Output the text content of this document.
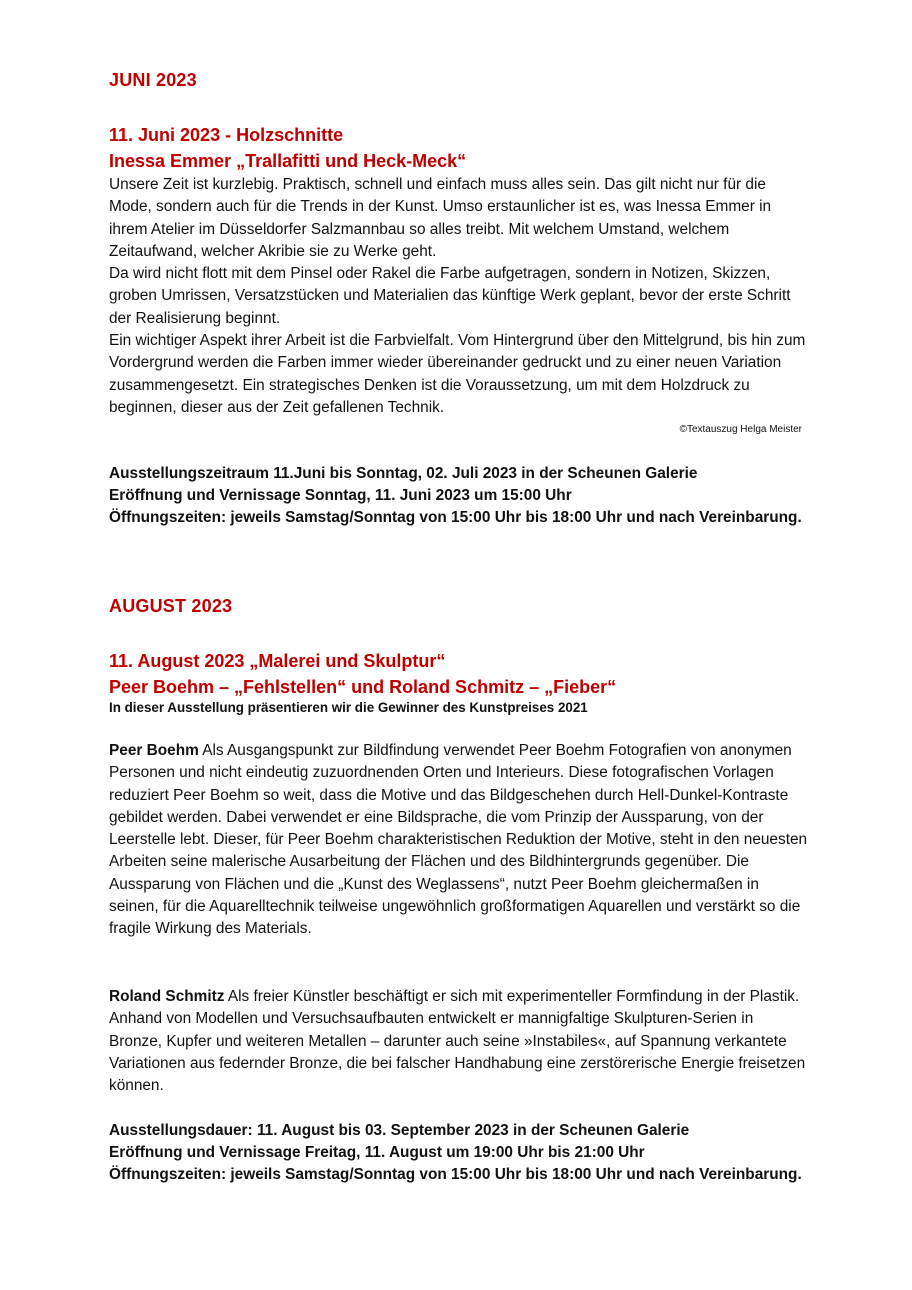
JUNI 2023
11. Juni 2023 - Holzschnitte
Inessa Emmer „Trallafitti und Heck-Meck“

Unsere Zeit ist kurzlebig. Praktisch, schnell und einfach muss alles sein. Das gilt nicht nur für die Mode, sondern auch für die Trends in der Kunst. Umso erstaunlicher ist es, was Inessa Emmer in ihrem Atelier im Düsseldorfer Salzmannbau so alles treibt. Mit welchem Umstand, welchem Zeitaufwand, welcher Akribie sie zu Werke geht.

Da wird nicht flott mit dem Pinsel oder Rakel die Farbe aufgetragen, sondern in Notizen, Skizzen, groben Umrissen, Versatzstücken und Materialien das künftige Werk geplant, bevor der erste Schritt der Realisierung beginnt.

Ein wichtiger Aspekt ihrer Arbeit ist die Farbvielfalt. Vom Hintergrund über den Mittelgrund, bis hin zum Vordergrund werden die Farben immer wieder übereinander gedruckt und zu einer neuen Variation zusammengesetzt. Ein strategisches Denken ist die Voraussetzung, um mit dem Holzdruck zu beginnen, dieser aus der Zeit gefallenen Technik.

©Textauszug Helga Meister
Ausstellungszeitraum 11.Juni bis Sonntag, 02. Juli 2023 in der Scheunen Galerie
Eröffnung und Vernissage Sonntag, 11. Juni 2023 um 15:00 Uhr
Öffnungszeiten: jeweils Samstag/Sonntag von 15:00 Uhr bis 18:00 Uhr und nach Vereinbarung.
AUGUST 2023
11. August 2023 „Malerei und Skulptur“
Peer Boehm – „Fehlstellen“ und Roland Schmitz – „Fieber“
In dieser Ausstellung präsentieren wir die Gewinner des Kunstpreises 2021

Peer Boehm Als Ausgangspunkt zur Bildfindung verwendet Peer Boehm Fotografien von anonymen Personen und nicht eindeutig zuzuordnenden Orten und Interieurs. Diese fotografischen Vorlagen reduziert Peer Boehm so weit, dass die Motive und das Bildgeschehen durch Hell-Dunkel-Kontraste gebildet werden. Dabei verwendet er eine Bildsprache, die vom Prinzip der Aussparung, von der Leerstelle lebt. Dieser, für Peer Boehm charakteristischen Reduktion der Motive, steht in den neuesten Arbeiten seine malerische Ausarbeitung der Flächen und des Bildhintergrunds gegenüber. Die Aussparung von Flächen und die „Kunst des Weglassens“, nutzt Peer Boehm gleichermaßen in seinen, für die Aquarelltechnik teilweise ungewöhnlich großformatigen Aquarellen und verstärkt so die fragile Wirkung des Materials.

Roland Schmitz Als freier Künstler beschäftigt er sich mit experimenteller Formfindung in der Plastik. Anhand von Modellen und Versuchsaufbauten entwickelt er mannigfaltige Skulpturen-Serien in Bronze, Kupfer und weiteren Metallen – darunter auch seine »Instabiles«, auf Spannung verkantete Variationen aus federnder Bronze, die bei falscher Handhabung eine zerstörerische Energie freisetzen können.

Ausstellungsdauer: 11. August bis 03. September 2023 in der Scheunen Galerie
Eröffnung und Vernissage Freitag, 11. August um 19:00 Uhr bis 21:00 Uhr
Öffnungszeiten: jeweils Samstag/Sonntag von 15:00 Uhr bis 18:00 Uhr und nach Vereinbarung.
